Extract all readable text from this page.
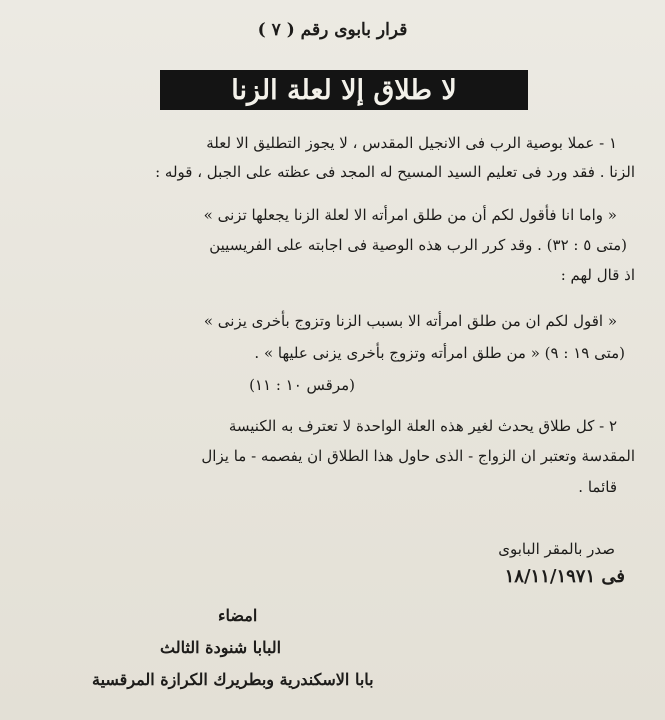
قرار بابوى رقم ( ٧ )
لا طلاق إلا لعلة الزنا
١ - عملا بوصية الرب فى الانجيل المقدس ، لا يجوز التطليق الا لعلة
الزنا . فقد ورد فى تعليم السيد المسيح له المجد فى عظته على الجبل ، قوله :
« واما انا فأقول لكم أن من طلق امرأته الا لعلة الزنا يجعلها تزنى »
(متى ٥ : ٣٢) . وقد كرر الرب هذه الوصية فى اجابته على الفريسيين
اذ قال لهم :
« اقول لكم ان من طلق امرأته الا بسبب الزنا وتزوج بأخرى يزنى »
(متى ١٩ : ٩) « من طلق امرأته وتزوج بأخرى يزنى عليها » .
(مرقس ١٠ : ١١)
٢ - كل طلاق يحدث لغير هذه العلة الواحدة لا تعترف به الكنيسة
المقدسة وتعتبر ان الزواج - الذى حاول هذا الطلاق ان يفصمه - ما يزال
قائما .
صدر بالمقر البابوى
فى ١٨/١١/١٩٧١
امضاء
البابا شنودة الثالث
بابا الاسكندرية وبطريرك الكرازة المرقسية
